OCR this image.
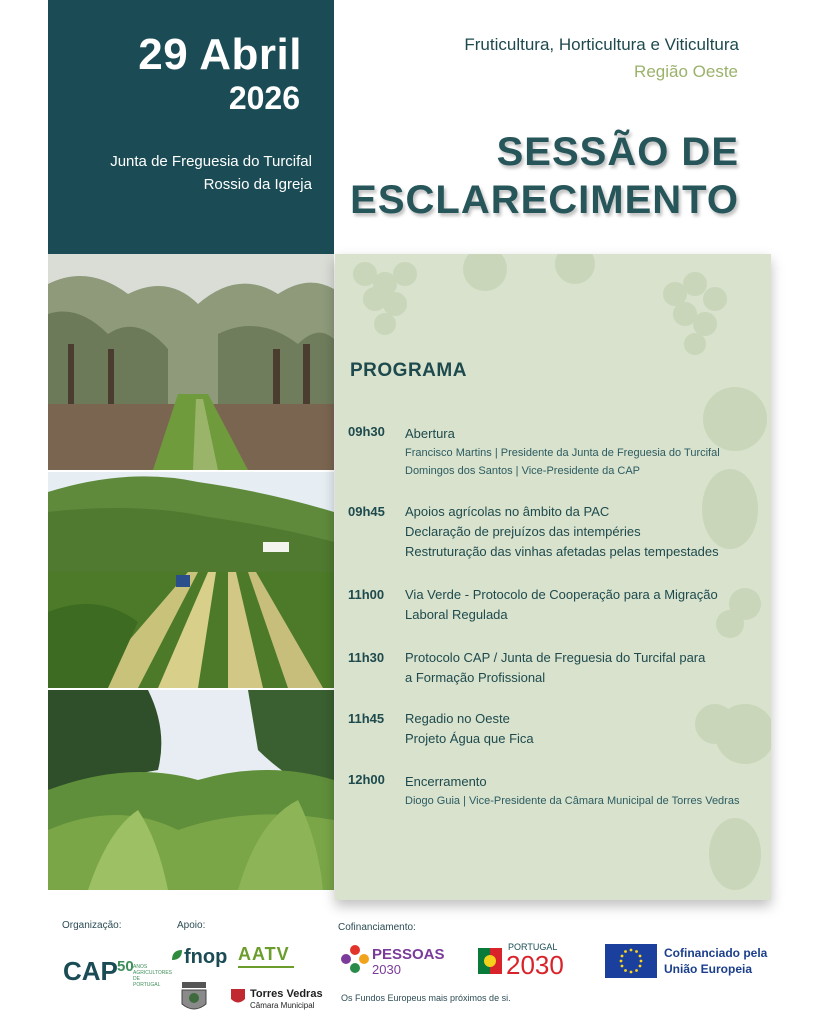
29 Abril
2026
Junta de Freguesia do Turcifal
Rossio da Igreja
Fruticultura, Horticultura e Viticultura
Região Oeste
SESSÃO DE
ESCLARECIMENTO
PROGRAMA
09h30 Abertura
Francisco Martins | Presidente da Junta de Freguesia do Turcifal
Domingos dos Santos | Vice-Presidente da CAP
09h45 Apoios agrícolas no âmbito da PAC
Declaração de prejuízos das intempéries
Restruturação das vinhas afetadas pelas tempestades
11h00 Via Verde - Protocolo de Cooperação para a Migração
Laboral Regulada
11h30 Protocolo CAP / Junta de Freguesia do Turcifal para
a Formação Profissional
11h45 Regadio no Oeste
Projeto Água que Fica
12h00 Encerramento
Diogo Guia | Vice-Presidente da Câmara Municipal de Torres Vedras
Organização:	Apoio:	Cofinanciamento:
CAP 50 ANOS AGRICULTORES DE PORTUGAL
fnop AATV
Torres Vedras
Câmara Municipal
PESSOAS
2030
Os Fundos Europeus mais próximos de si.
PORTUGAL
2030	Cofinanciado pela
União Europeia
